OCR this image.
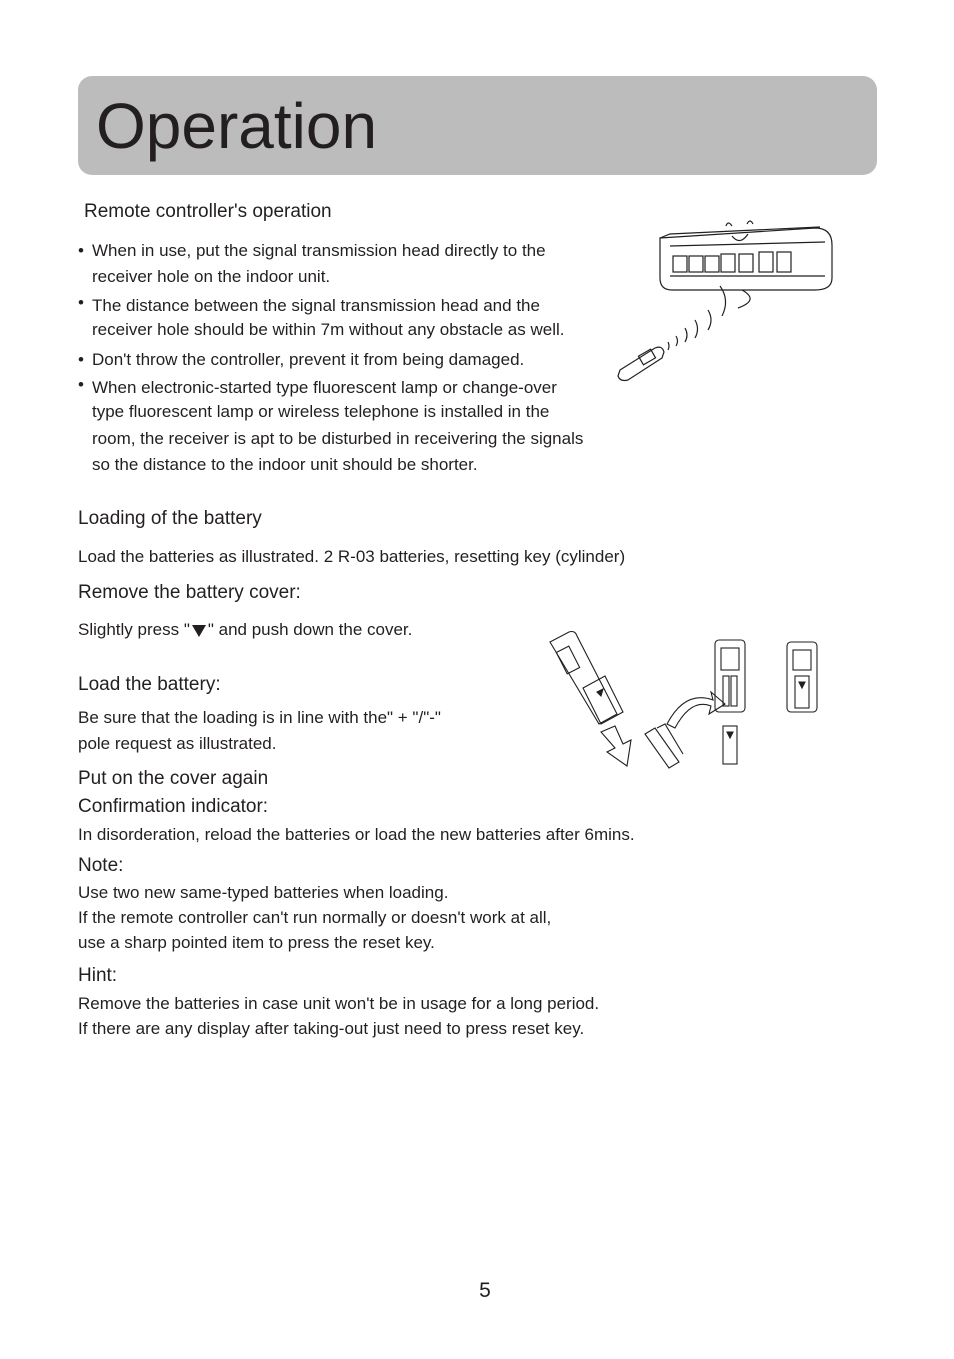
Operation
Remote controller's operation
• When in use, put the signal transmission head directly to the
receiver hole on the indoor unit.
• The distance between the signal transmission head and the
receiver hole should be within 7m without any obstacle as well.
• Don't throw the controller, prevent it from being damaged.
• When electronic-started type fluorescent lamp or change-over
type fluorescent lamp or wireless telephone is installed in the
room, the receiver is apt to be disturbed in receivering the signals
so the distance to the indoor unit should be shorter.
Loading of the battery
Load the batteries as illustrated. 2 R-03 batteries, resetting key (cylinder)
Remove the battery cover:
Slightly press " " and push down the cover.
Load the battery:
Be sure that the loading is in line with the" + "/"-"
pole request as illustrated.
Put on the cover again
Confirmation indicator:
In disorderation, reload the batteries or load the new batteries after 6mins.
Note:
Use two new same-typed batteries when loading.
If the remote controller can't run normally or doesn't work at all,
use a sharp pointed item to press the reset key.
Hint:
Remove the batteries in case unit won't be in usage for a long period.
If there are any display after taking-out just need to press reset key.
5
